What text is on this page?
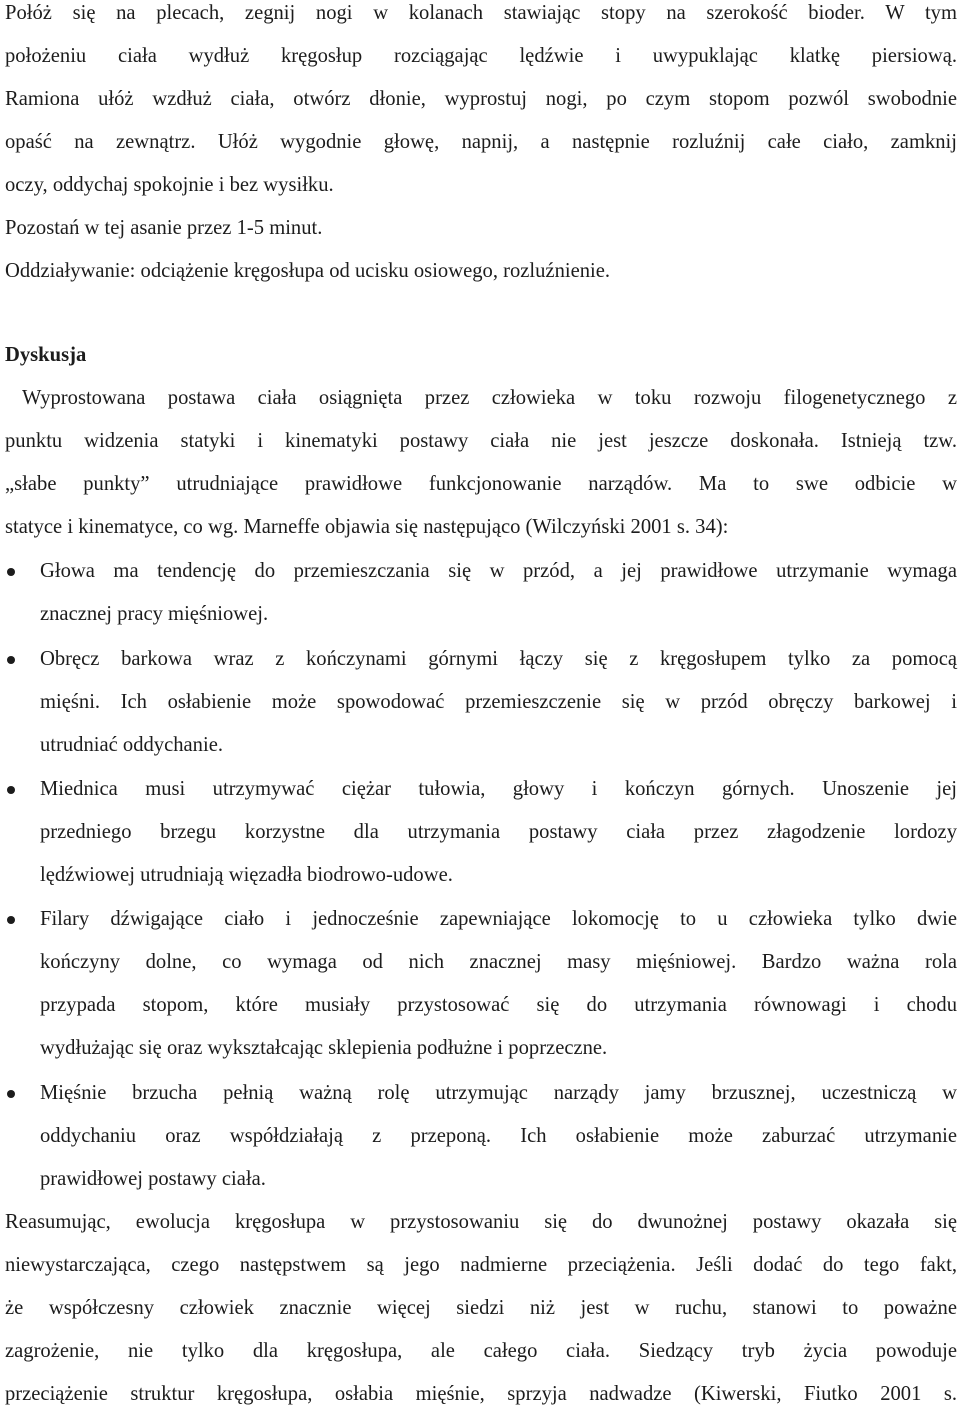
Połóż się na plecach, zegnij nogi w kolanach stawiając stopy na szerokość bioder. W tym
położeniu ciała wydłuż kręgosłup rozciągając lędźwie i uwypuklając klatkę piersiową.
Ramiona ułóż wzdłuż ciała, otwórz dłonie, wyprostuj nogi, po czym stopom pozwól swobodnie
opaść na zewnątrz. Ułóż wygodnie głowę, napnij, a następnie rozluźnij całe ciało, zamknij
oczy, oddychaj spokojnie i bez wysiłku.
Pozostań w tej asanie przez 1-5 minut.
Oddziaływanie: odciążenie kręgosłupa od ucisku osiowego, rozluźnienie.
Dyskusja
Wyprostowana postawa ciała osiągnięta przez człowieka w toku rozwoju filogenetycznego z
punktu widzenia statyki i kinematyki postawy ciała nie jest jeszcze doskonała. Istnieją tzw.
„słabe punkty” utrudniające prawidłowe funkcjonowanie narządów. Ma to swe odbicie w
statyce i kinematyce, co wg. Marneffe objawia się następująco (Wilczyński 2001 s. 34):
Głowa ma tendencję do przemieszczania się w przód, a jej prawidłowe utrzymanie wymaga
znacznej pracy mięśniowej.
Obręcz barkowa wraz z kończynami górnymi łączy się z kręgosłupem tylko za pomocą
mięśni. Ich osłabienie może spowodować przemieszczenie się w przód obręczy barkowej i
utrudniać oddychanie.
Miednica musi utrzymywać ciężar tułowia, głowy i kończyn górnych. Unoszenie jej
przedniego brzegu korzystne dla utrzymania postawy ciała przez złagodzenie lordozy
lędźwiowej utrudniają więzadła biodrowo-udowe.
Filary dźwigające ciało i jednocześnie zapewniające lokomocję to u człowieka tylko dwie
kończyny dolne, co wymaga od nich znacznej masy mięśniowej. Bardzo ważna rola
przypada stopom, które musiały przystosować się do utrzymania równowagi i chodu
wydłużając się oraz wykształcając sklepienia podłużne i poprzeczne.
Mięśnie brzucha pełnią ważną rolę utrzymując narządy jamy brzusznej, uczestniczą w
oddychaniu oraz współdziałają z przeponą. Ich osłabienie może zaburzać utrzymanie
prawidłowej postawy ciała.
Reasumując, ewolucja kręgosłupa w przystosowaniu się do dwunożnej postawy okazała się
niewystarczająca, czego następstwem są jego nadmierne przeciążenia. Jeśli dodać do tego fakt,
że współczesny człowiek znacznie więcej siedzi niż jest w ruchu, stanowi to poważne
zagrożenie, nie tylko dla kręgosłupa, ale całego ciała. Siedzący tryb życia powoduje
przeciążenie struktur kręgosłupa, osłabia mięśnie, sprzyja nadwadze (Kiwerski, Fiutko 2001 s.
